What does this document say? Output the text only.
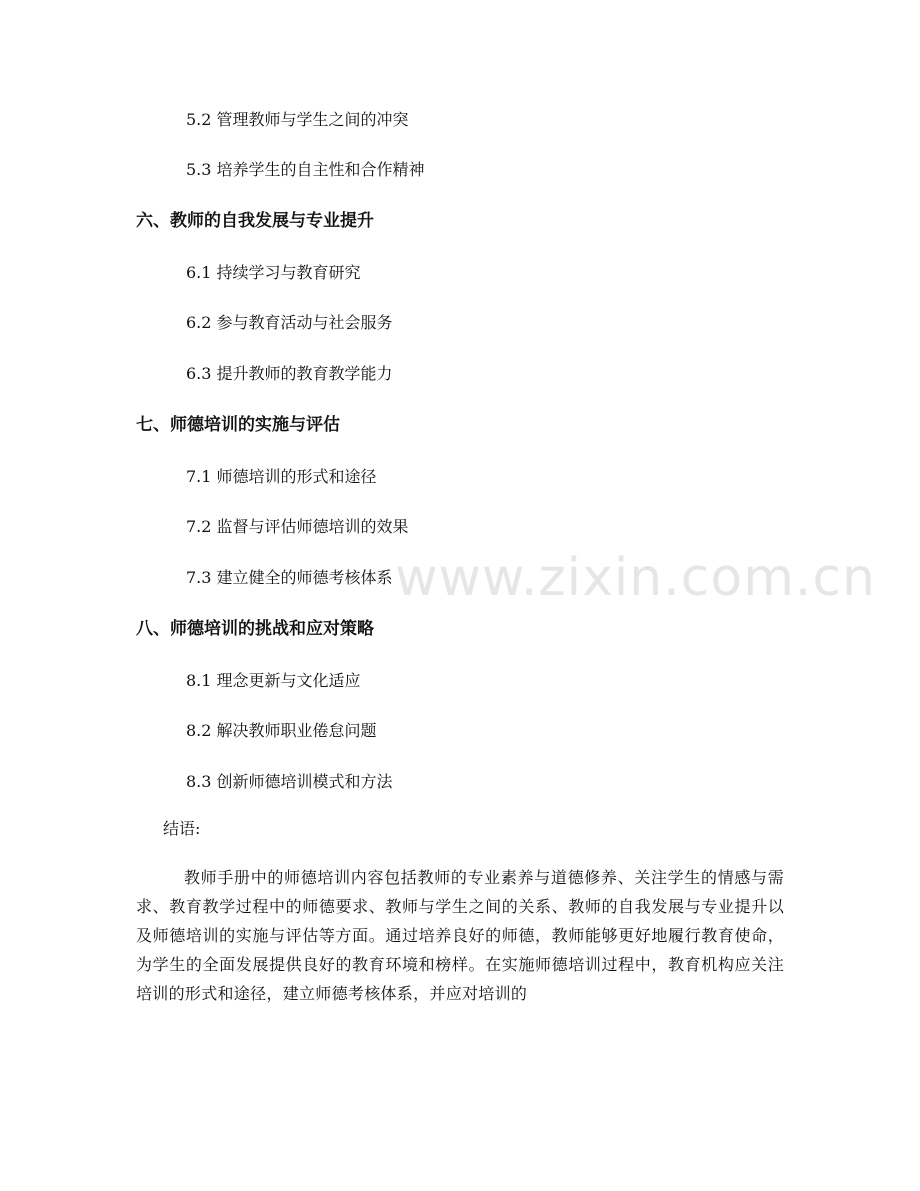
5.2 管理教师与学生之间的冲突
5.3 培养学生的自主性和合作精神
六、教师的自我发展与专业提升
6.1 持续学习与教育研究
6.2 参与教育活动与社会服务
6.3 提升教师的教育教学能力
七、师德培训的实施与评估
7.1 师德培训的形式和途径
7.2 监督与评估师德培训的效果
7.3 建立健全的师德考核体系
八、师德培训的挑战和应对策略
8.1 理念更新与文化适应
8.2 解决教师职业倦怠问题
8.3 创新师德培训模式和方法
结语:
教师手册中的师德培训内容包括教师的专业素养与道德修养、关注学生的情感与需求、教育教学过程中的师德要求、教师与学生之间的关系、教师的自我发展与专业提升以及师德培训的实施与评估等方面。通过培养良好的师德，教师能够更好地履行教育使命，为学生的全面发展提供良好的教育环境和榜样。在实施师德培训过程中，教育机构应关注培训的形式和途径，建立师德考核体系，并应对培训的
www.zixin.com.cn
